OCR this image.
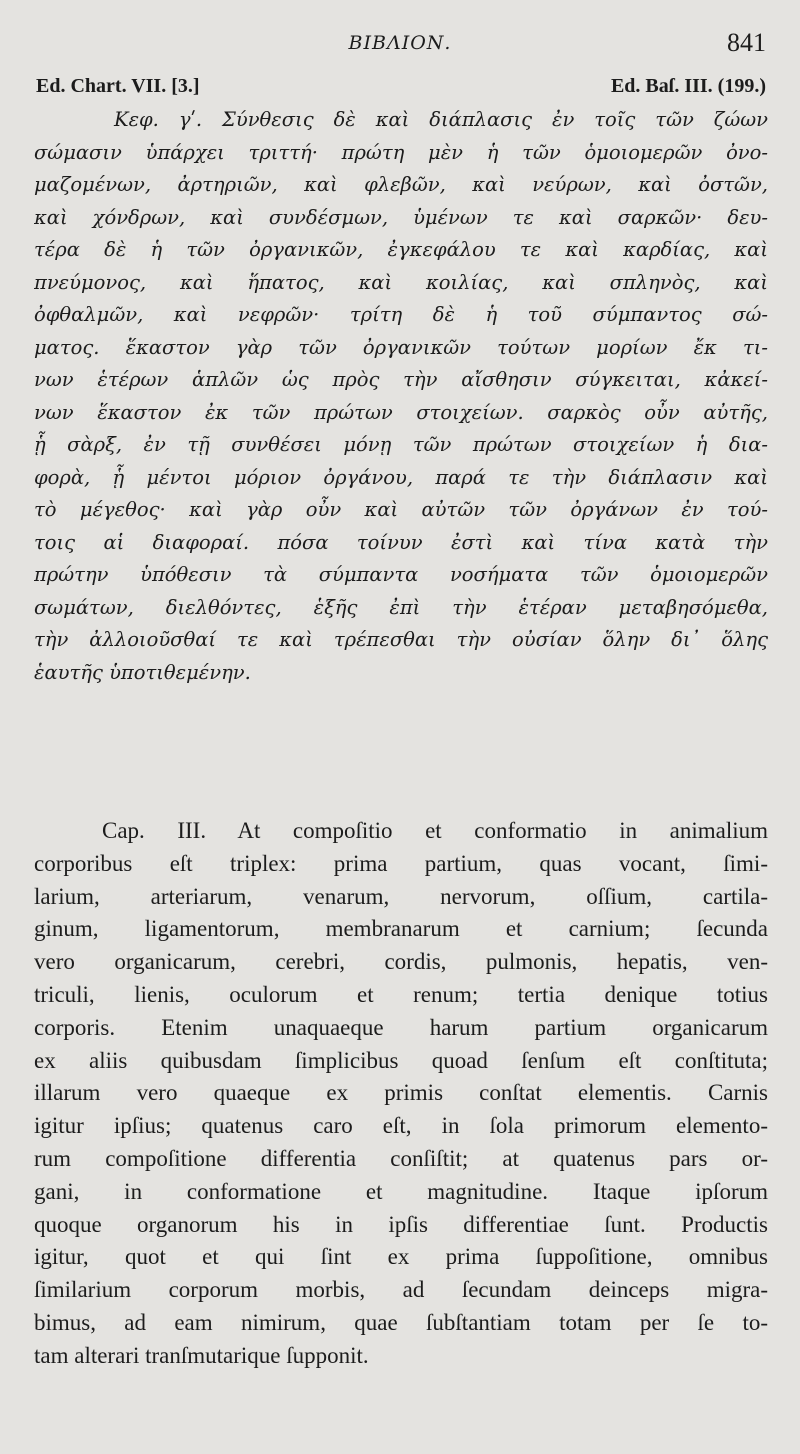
ΒΙΒΛΙΟΝ.	841
Ed. Chart. VII. [3.]	Ed. Baſ. III. (199.)
Κεφ. γʹ. Σύνθεσις δὲ καὶ διάπλασις ἐν τοῖς τῶν ζώων
σώμασιν ὑπάρχει τριττή· πρώτη μὲν ἡ τῶν ὁμοιομερῶν ὀνο-
μαζομένων, ἀρτηριῶν, καὶ φλεβῶν, καὶ νεύρων, καὶ ὀστῶν,
καὶ χόνδρων, καὶ συνδέσμων, ὑμένων τε καὶ σαρκῶν· δευ-
τέρα δὲ ἡ τῶν ὀργανικῶν, ἐγκεφάλου τε καὶ καρδίας, καὶ
πνεύμονος, καὶ ἥπατος, καὶ κοιλίας, καὶ σπληνὸς, καὶ
ὀφθαλμῶν, καὶ νεφρῶν· τρίτη δὲ ἡ τοῦ σύμπαντος σώ-
ματος. ἕκαστον γὰρ τῶν ὀργανικῶν τούτων μορίων ἔκ τι-
νων ἑτέρων ἁπλῶν ὡς πρὸς τὴν αἴσθησιν σύγκειται, κἀκεί-
νων ἕκαστον ἐκ τῶν πρώτων στοιχείων. σαρκὸς οὖν αὐτῆς,
ᾗ σὰρξ, ἐν τῇ συνθέσει μόνῃ τῶν πρώτων στοιχείων ἡ δια-
φορὰ, ᾗ μέντοι μόριον ὀργάνου, παρά τε τὴν διάπλασιν καὶ
τὸ μέγεθος· καὶ γὰρ οὖν καὶ αὐτῶν τῶν ὀργάνων ἐν τού-
τοις αἱ διαφοραί. πόσα τοίνυν ἐστὶ καὶ τίνα κατὰ τὴν
πρώτην ὑπόθεσιν τὰ σύμπαντα νοσήματα τῶν ὁμοιομερῶν
σωμάτων, διελθόντες, ἑξῆς ἐπὶ τὴν ἑτέραν μεταβησόμεθα,
τὴν ἀλλοιοῦσθαί τε καὶ τρέπεσθαι τὴν οὐσίαν ὅλην δι᾽ ὅλης
ἑαυτῆς ὑποτιθεμένην.
Cap. III. At compoſitio et conformatio in animalium
corporibus eſt triplex: prima partium, quas vocant, ſimi-
larium, arteriarum, venarum, nervorum, oſſium, cartila-
ginum, ligamentorum, membranarum et carnium; ſecunda
vero organicarum, cerebri, cordis, pulmonis, hepatis, ven-
triculi, lienis, oculorum et renum; tertia denique totius
corporis. Etenim unaquaeque harum partium organicarum
ex aliis quibusdam ſimplicibus quoad ſenſum eſt conſtituta;
illarum vero quaeque ex primis conſtat elementis. Carnis
igitur ipſius; quatenus caro eſt, in ſola primorum elemento-
rum compoſitione differentia conſiſtit; at quatenus pars or-
gani, in conformatione et magnitudine. Itaque ipſorum
quoque organorum his in ipſis differentiae ſunt. Productis
igitur, quot et qui ſint ex prima ſuppoſitione, omnibus
ſimilarium corporum morbis, ad ſecundam deinceps migra-
bimus, ad eam nimirum, quae ſubſtantiam totam per ſe to-
tam alterari tranſmutarique ſupponit.
